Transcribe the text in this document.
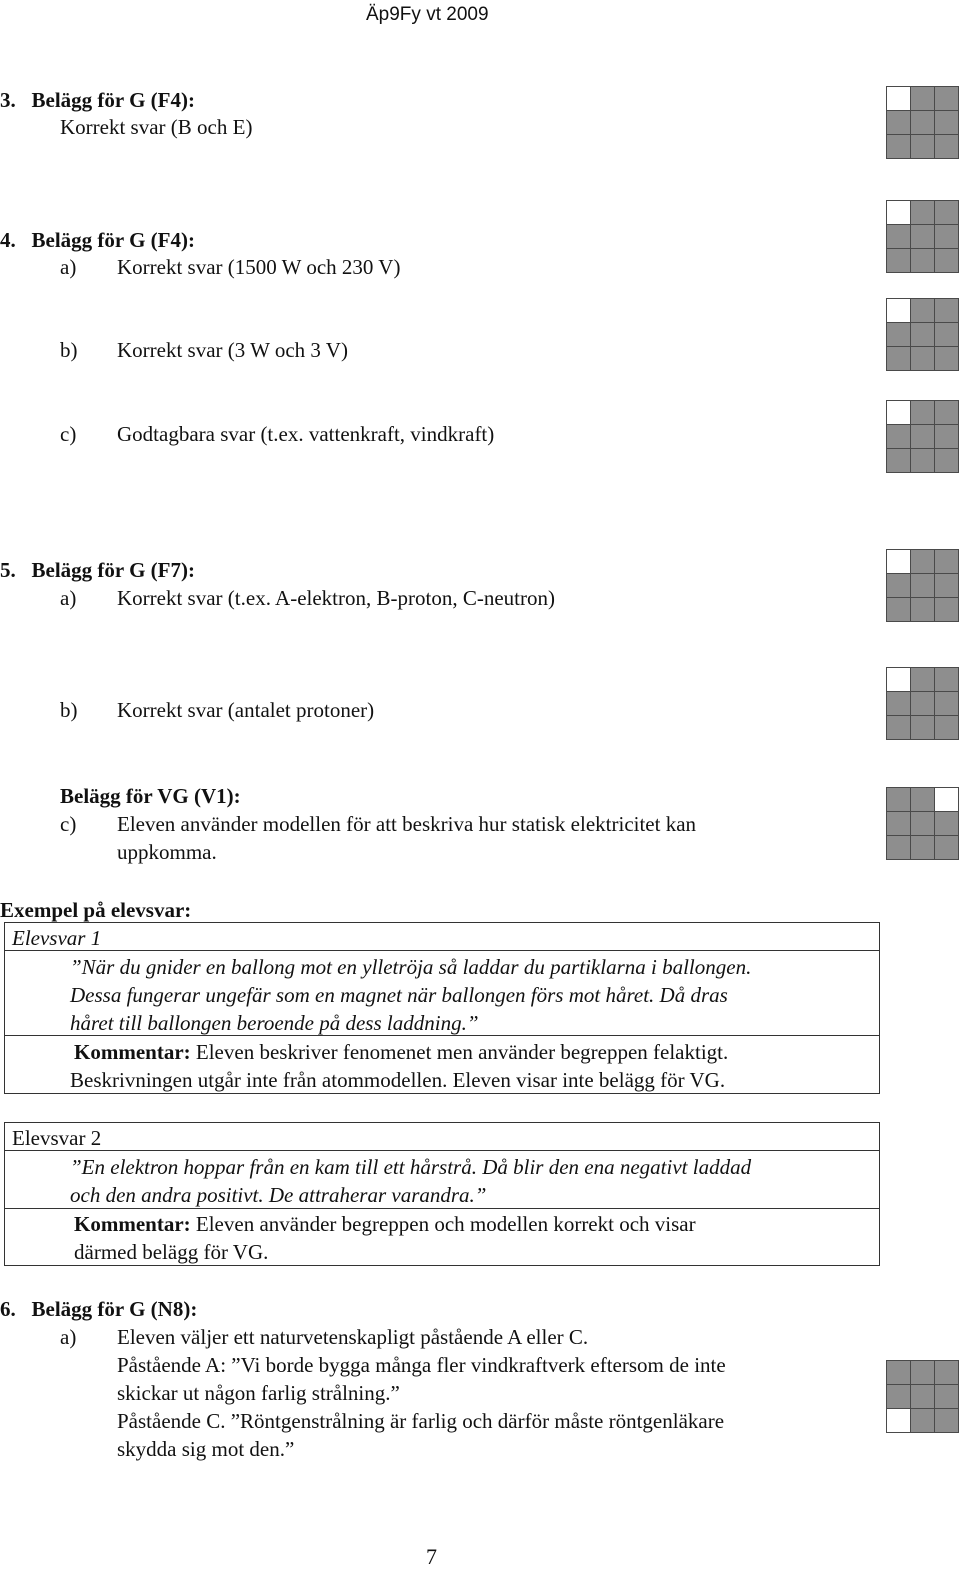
Äp9Fy vt 2009
3.   Belägg för G (F4):
Korrekt svar (B och E)
4.   Belägg för G (F4):
a) Korrekt svar (1500 W och 230 V)
b) Korrekt svar (3 W och 3 V)
c) Godtagbara svar (t.ex. vattenkraft, vindkraft)
5.   Belägg för G (F7):
a) Korrekt svar (t.ex. A-elektron, B-proton, C-neutron)
b) Korrekt svar (antalet protoner)
Belägg för VG (V1):
c) Eleven använder modellen för att beskriva hur statisk elektricitet kan
uppkomma.
Exempel på elevsvar:
Elevsvar 1
”När du gnider en ballong mot en ylletröja så laddar du partiklarna i ballongen.
Dessa fungerar ungefär som en magnet när ballongen förs mot håret. Då dras
håret till ballongen beroende på dess laddning.”
Kommentar: Eleven beskriver fenomenet men använder begreppen felaktigt.
Beskrivningen utgår inte från atommodellen. Eleven visar inte belägg för VG.
Elevsvar 2
”En elektron hoppar från en kam till ett hårstrå. Då blir den ena negativt laddad
och den andra positivt. De attraherar varandra.”
Kommentar: Eleven använder begreppen och modellen korrekt och visar
därmed belägg för VG.
6.   Belägg för G (N8):
a) Eleven väljer ett naturvetenskapligt påstående A eller C.
Påstående A: ”Vi borde bygga många fler vindkraftverk eftersom de inte
skickar ut någon farlig strålning.”
Påstående C. ”Röntgenstrålning är farlig och därför måste röntgenläkare
skydda sig mot den.”
7
